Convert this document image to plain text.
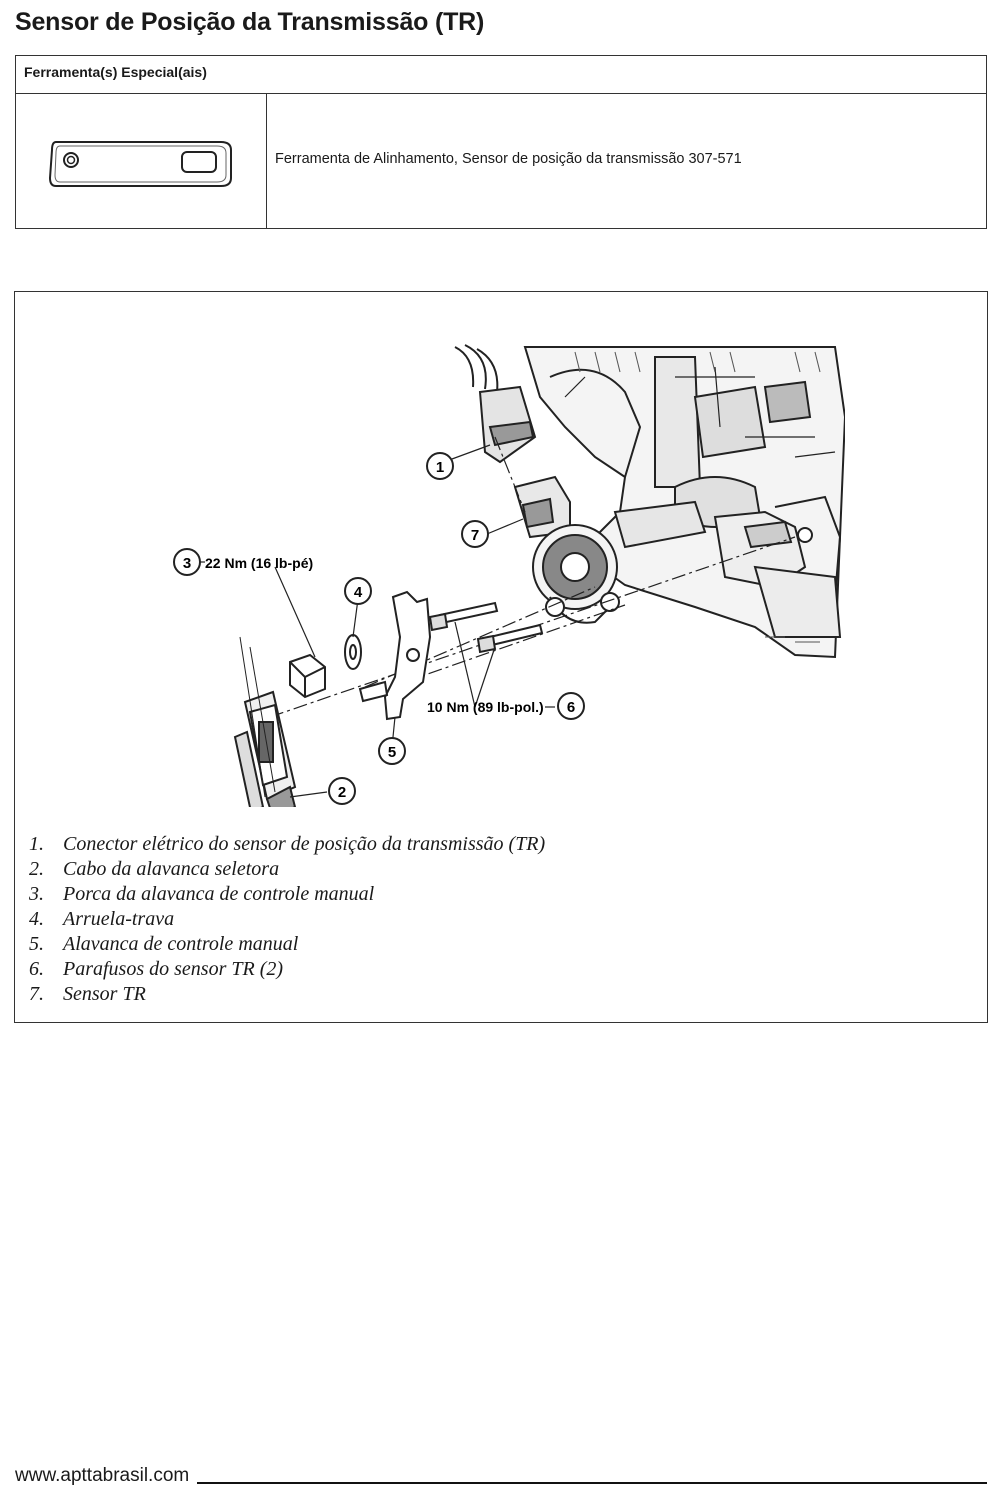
Sensor de Posição da Transmissão (TR)
Ferramenta(s) Especial(ais)
Ferramenta de Alinhamento, Sensor de posição da transmissão 307-571
1
7
3 22 Nm (16 lb-pé)
4
5
2
10 Nm (89 lb-pol.) 6
1. Conector elétrico do sensor de posição da transmissão (TR)
2. Cabo da alavanca seletora
3. Porca da alavanca de controle manual
4. Arruela-trava
5. Alavanca de controle manual
6. Parafusos do sensor TR (2)
7. Sensor TR
www.apttabrasil.com
